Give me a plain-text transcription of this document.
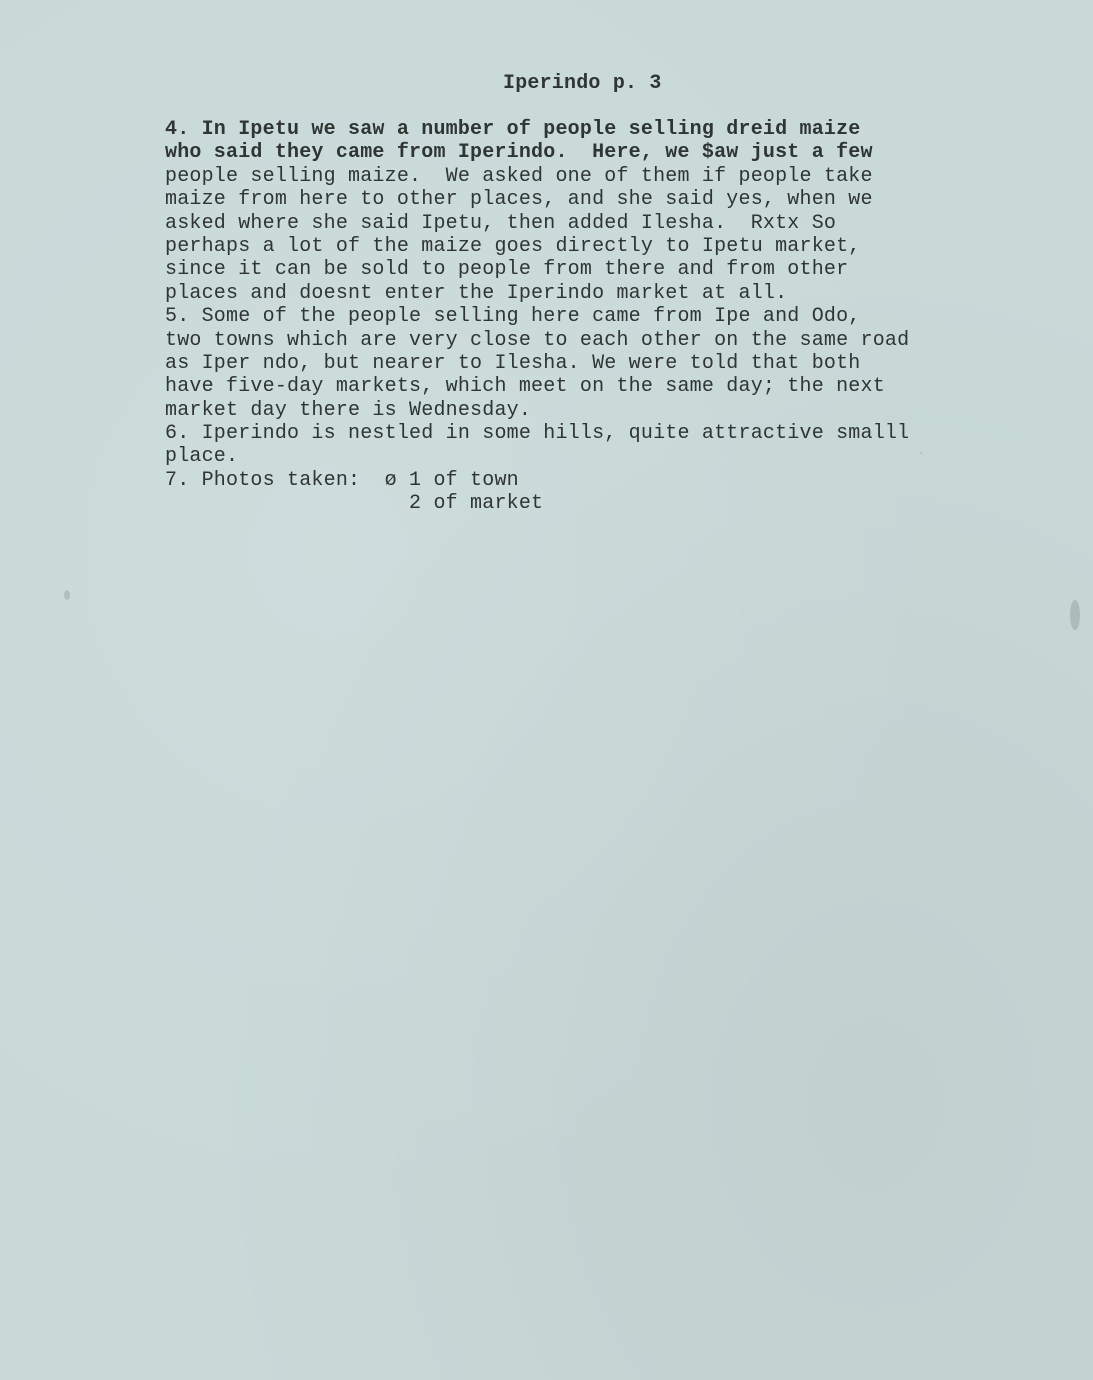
Iperindo p. 3
4. In Ipetu we saw a number of people selling dreid maize
who said they came from Iperindo.  Here, we $aw just a few
people selling maize.  We asked one of them if people take
maize from here to other places, and she said yes, when we
asked where she said Ipetu, then added Ilesha.  Rxtx So
perhaps a lot of the maize goes directly to Ipetu market,
since it can be sold to people from there and from other
places and doesnt enter the Iperindo market at all.
5. Some of the people selling here came from Ipe and Odo,
two towns which are very close to each other on the same road
as Iper ndo, but nearer to Ilesha. We were told that both
have five-day markets, which meet on the same day; the next
market day there is Wednesday.
6. Iperindo is nestled in some hills, quite attractive smalll
place.
7. Photos taken:  ø 1 of town
2 of market
